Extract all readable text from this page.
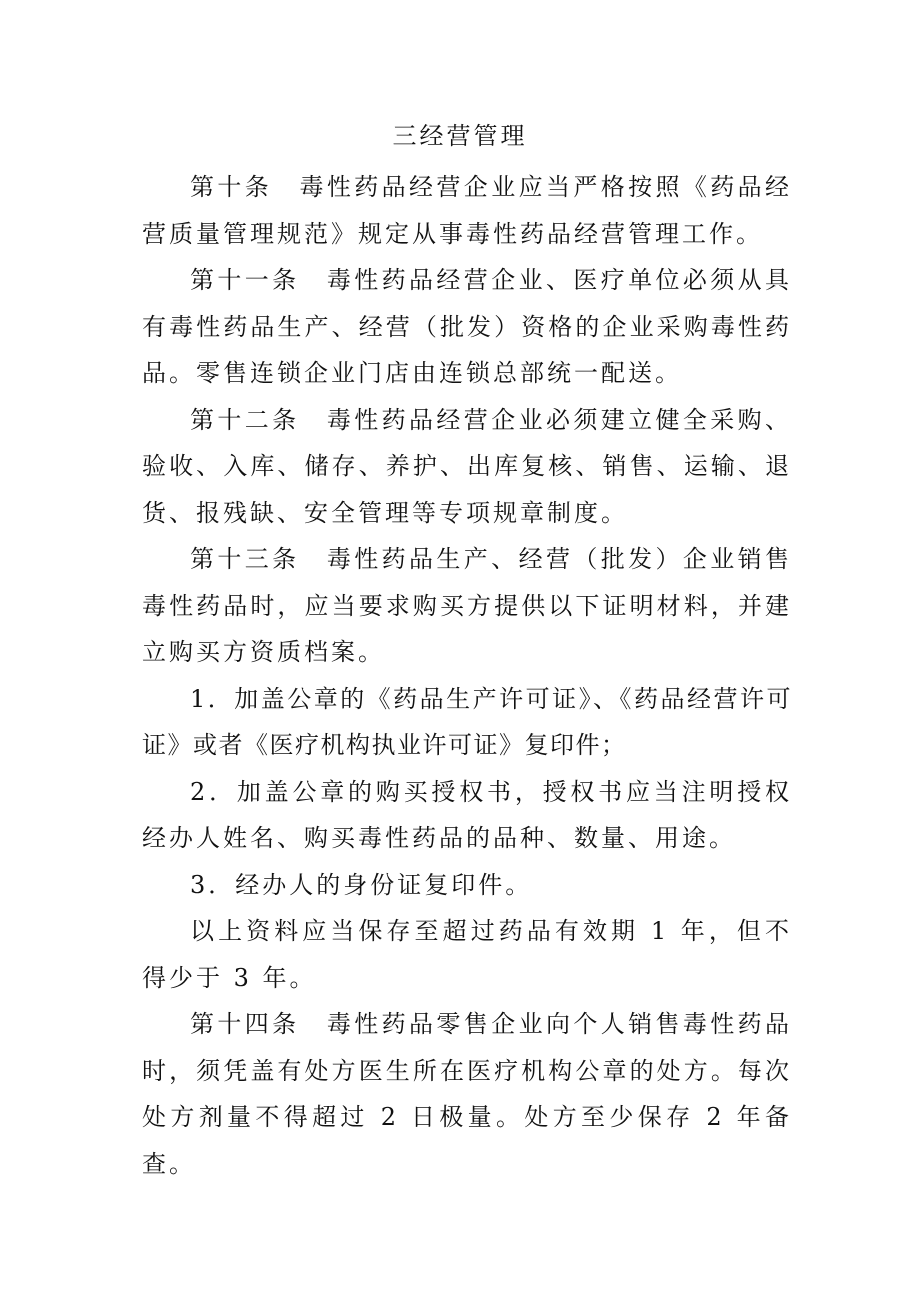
三经营管理

第十条　毒性药品经营企业应当严格按照《药品经营质量管理规范》规定从事毒性药品经营管理工作。

第十一条　毒性药品经营企业、医疗单位必须从具有毒性药品生产、经营（批发）资格的企业采购毒性药品。零售连锁企业门店由连锁总部统一配送。

第十二条　毒性药品经营企业必须建立健全采购、验收、入库、储存、养护、出库复核、销售、运输、退货、报残缺、安全管理等专项规章制度。

第十三条　毒性药品生产、经营（批发）企业销售毒性药品时，应当要求购买方提供以下证明材料，并建立购买方资质档案。

1．加盖公章的《药品生产许可证》、《药品经营许可证》或者《医疗机构执业许可证》复印件；

2．加盖公章的购买授权书，授权书应当注明授权经办人姓名、购买毒性药品的品种、数量、用途。

3．经办人的身份证复印件。

以上资料应当保存至超过药品有效期 1 年，但不得少于 3 年。

第十四条　毒性药品零售企业向个人销售毒性药品时，须凭盖有处方医生所在医疗机构公章的处方。每次处方剂量不得超过 2 日极量。处方至少保存 2 年备查。
